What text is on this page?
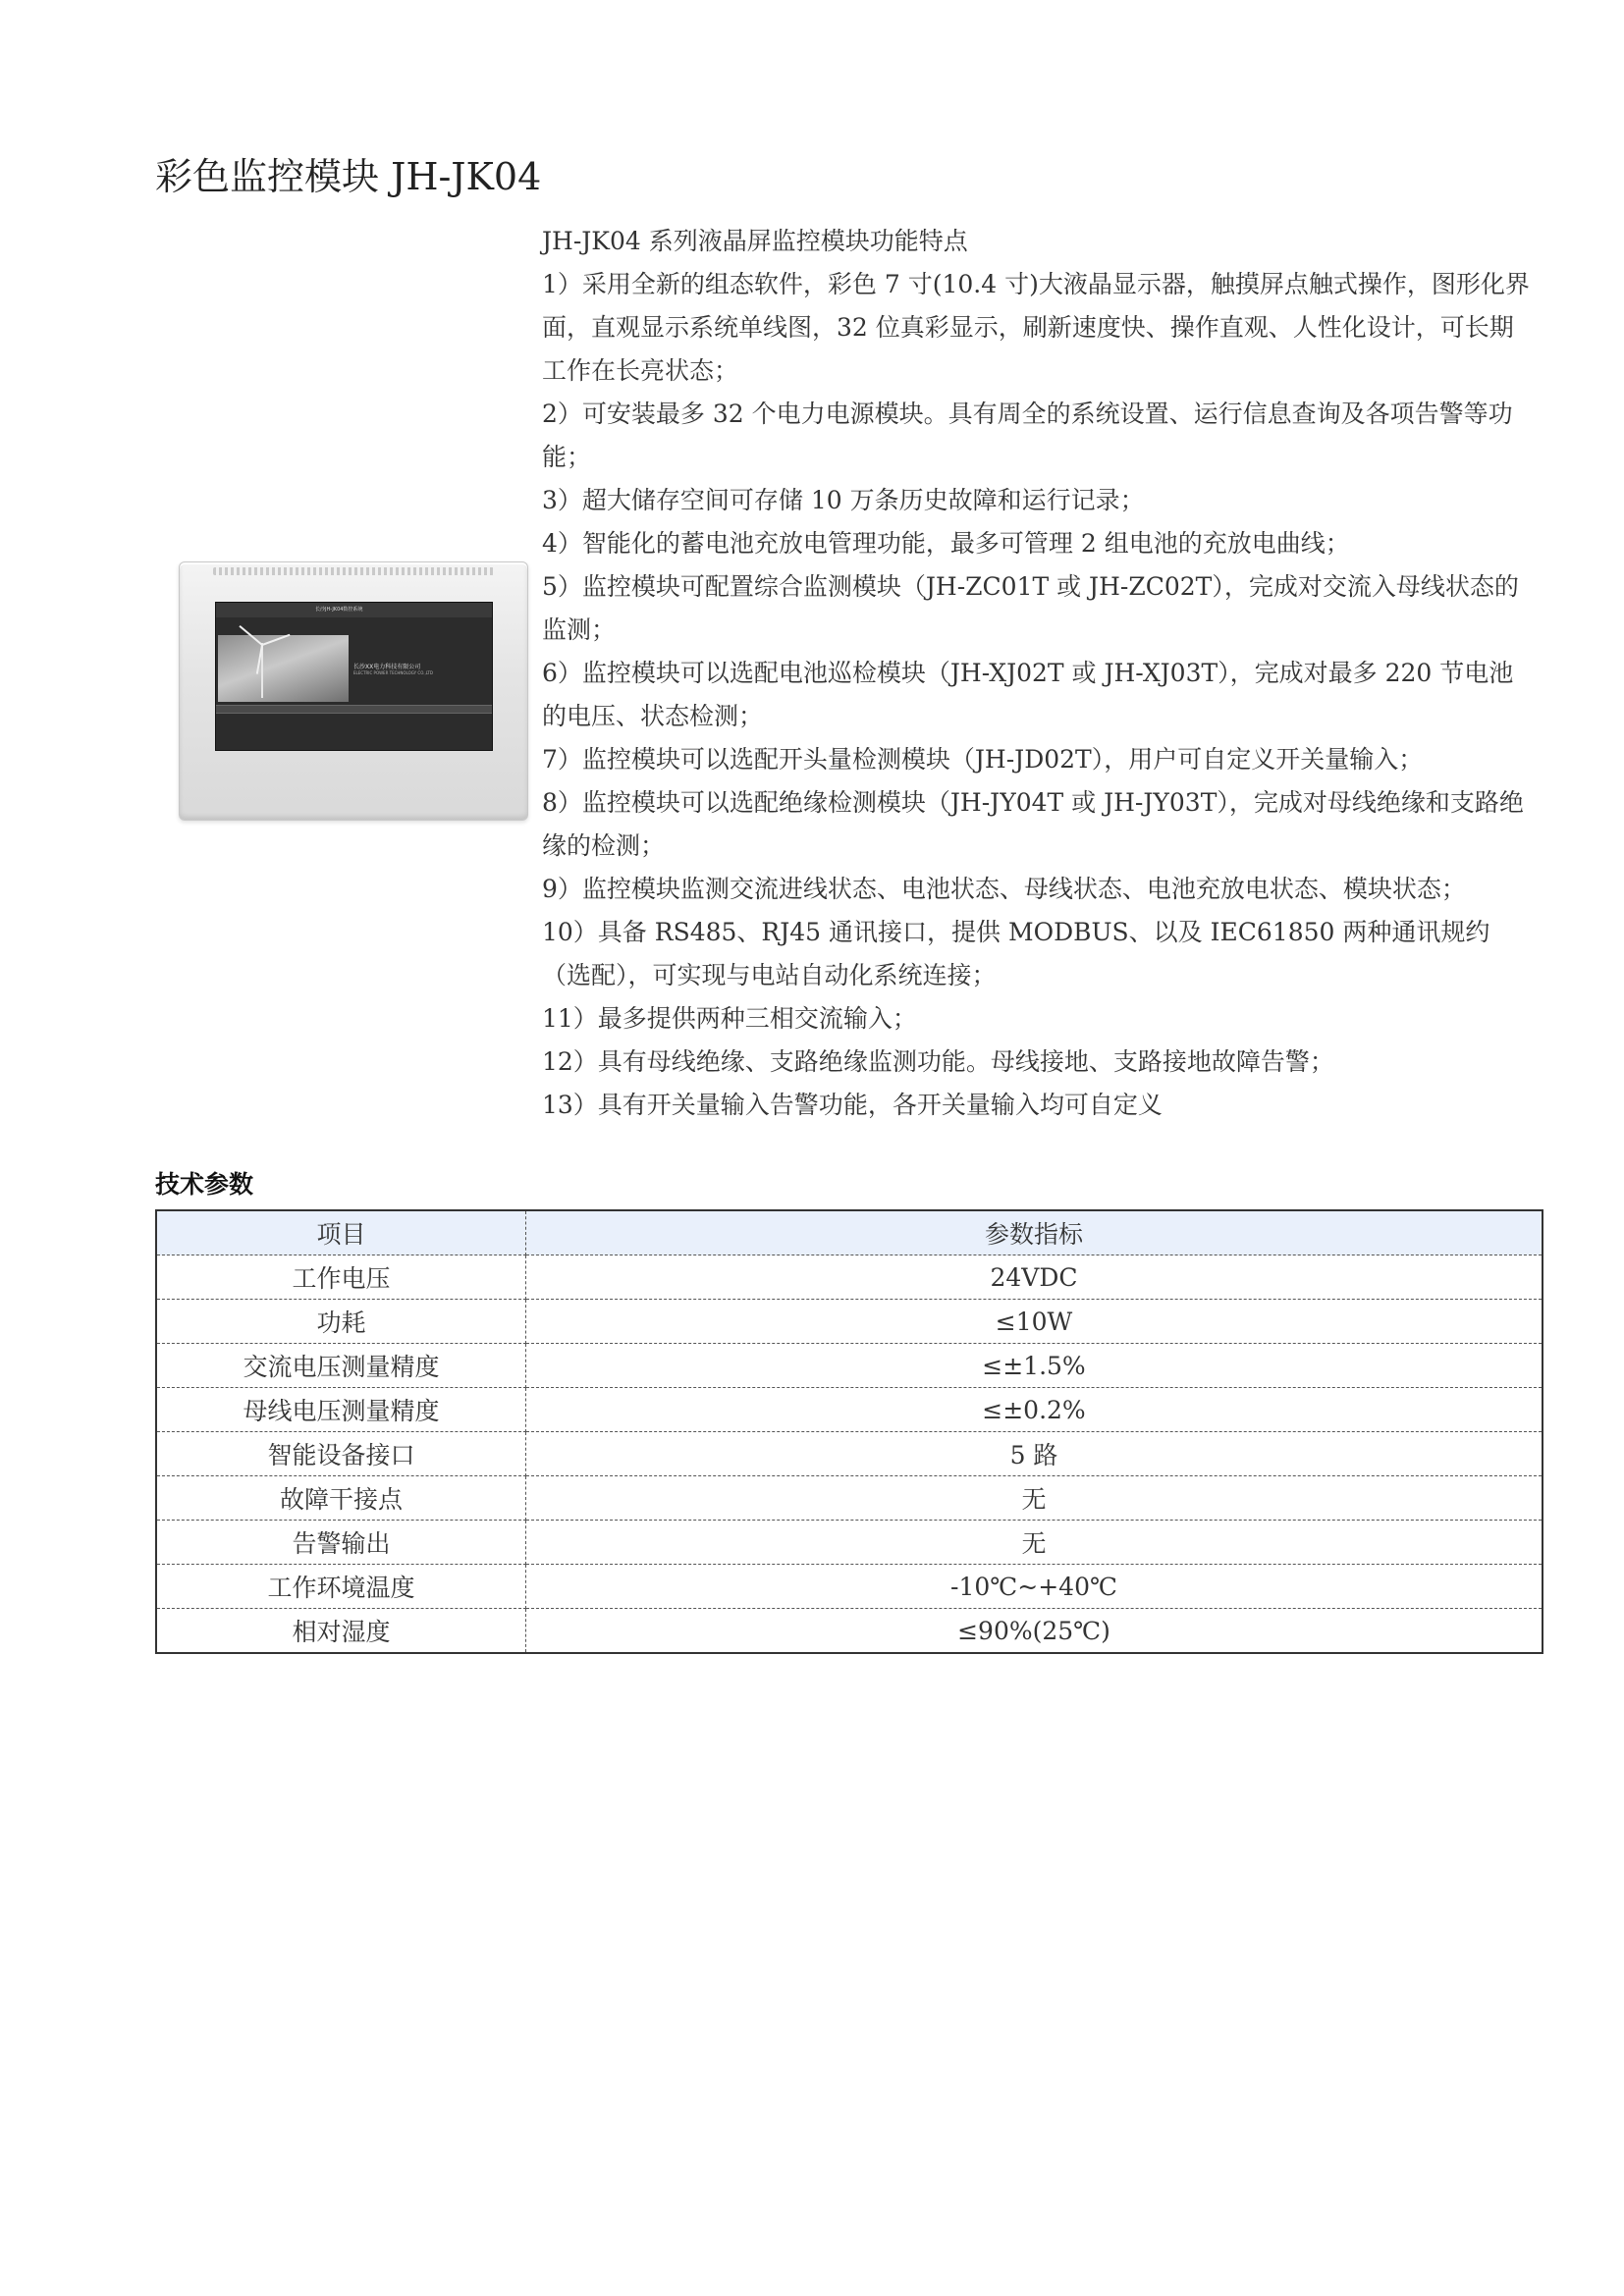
彩色监控模块 JH-JK04
长沙JH-JK04数控系统
长沙XX电力科技有限公司
ELECTRIC POWER TECHNOLOGY CO.,LTD

JH-JK04 系列液晶屏监控模块功能特点

1）采用全新的组态软件，彩色 7 寸(10.4 寸)大液晶显示器，触摸屏点触式操作，图形化界面，直观显示系统单线图，32 位真彩显示，刷新速度快、操作直观、人性化设计，可长期工作在长亮状态；

2）可安装最多 32 个电力电源模块。具有周全的系统设置、运行信息查询及各项告警等功能；

3）超大储存空间可存储 10 万条历史故障和运行记录；

4）智能化的蓄电池充放电管理功能，最多可管理 2 组电池的充放电曲线；

5）监控模块可配置综合监测模块（JH-ZC01T 或 JH-ZC02T），完成对交流入母线状态的监测；

6）监控模块可以选配电池巡检模块（JH-XJ02T 或 JH-XJ03T），完成对最多 220 节电池的电压、状态检测；

7）监控模块可以选配开头量检测模块（JH-JD02T），用户可自定义开关量输入；

8）监控模块可以选配绝缘检测模块（JH-JY04T 或 JH-JY03T），完成对母线绝缘和支路绝缘的检测；

9）监控模块监测交流进线状态、电池状态、母线状态、电池充放电状态、模块状态；

10）具备 RS485、RJ45 通讯接口，提供 MODBUS、以及 IEC61850 两种通讯规约（选配），可实现与电站自动化系统连接；

11）最多提供两种三相交流输入；

12）具有母线绝缘、支路绝缘监测功能。母线接地、支路接地故障告警；

13）具有开关量输入告警功能，各开关量输入均可自定义

技术参数
项目	参数指标
工作电压	24VDC
功耗	≤10W
交流电压测量精度	≤±1.5%
母线电压测量精度	≤±0.2%
智能设备接口	5 路
故障干接点	无
告警输出	无
工作环境温度	-10℃~+40℃
相对湿度	≤90%(25℃)
